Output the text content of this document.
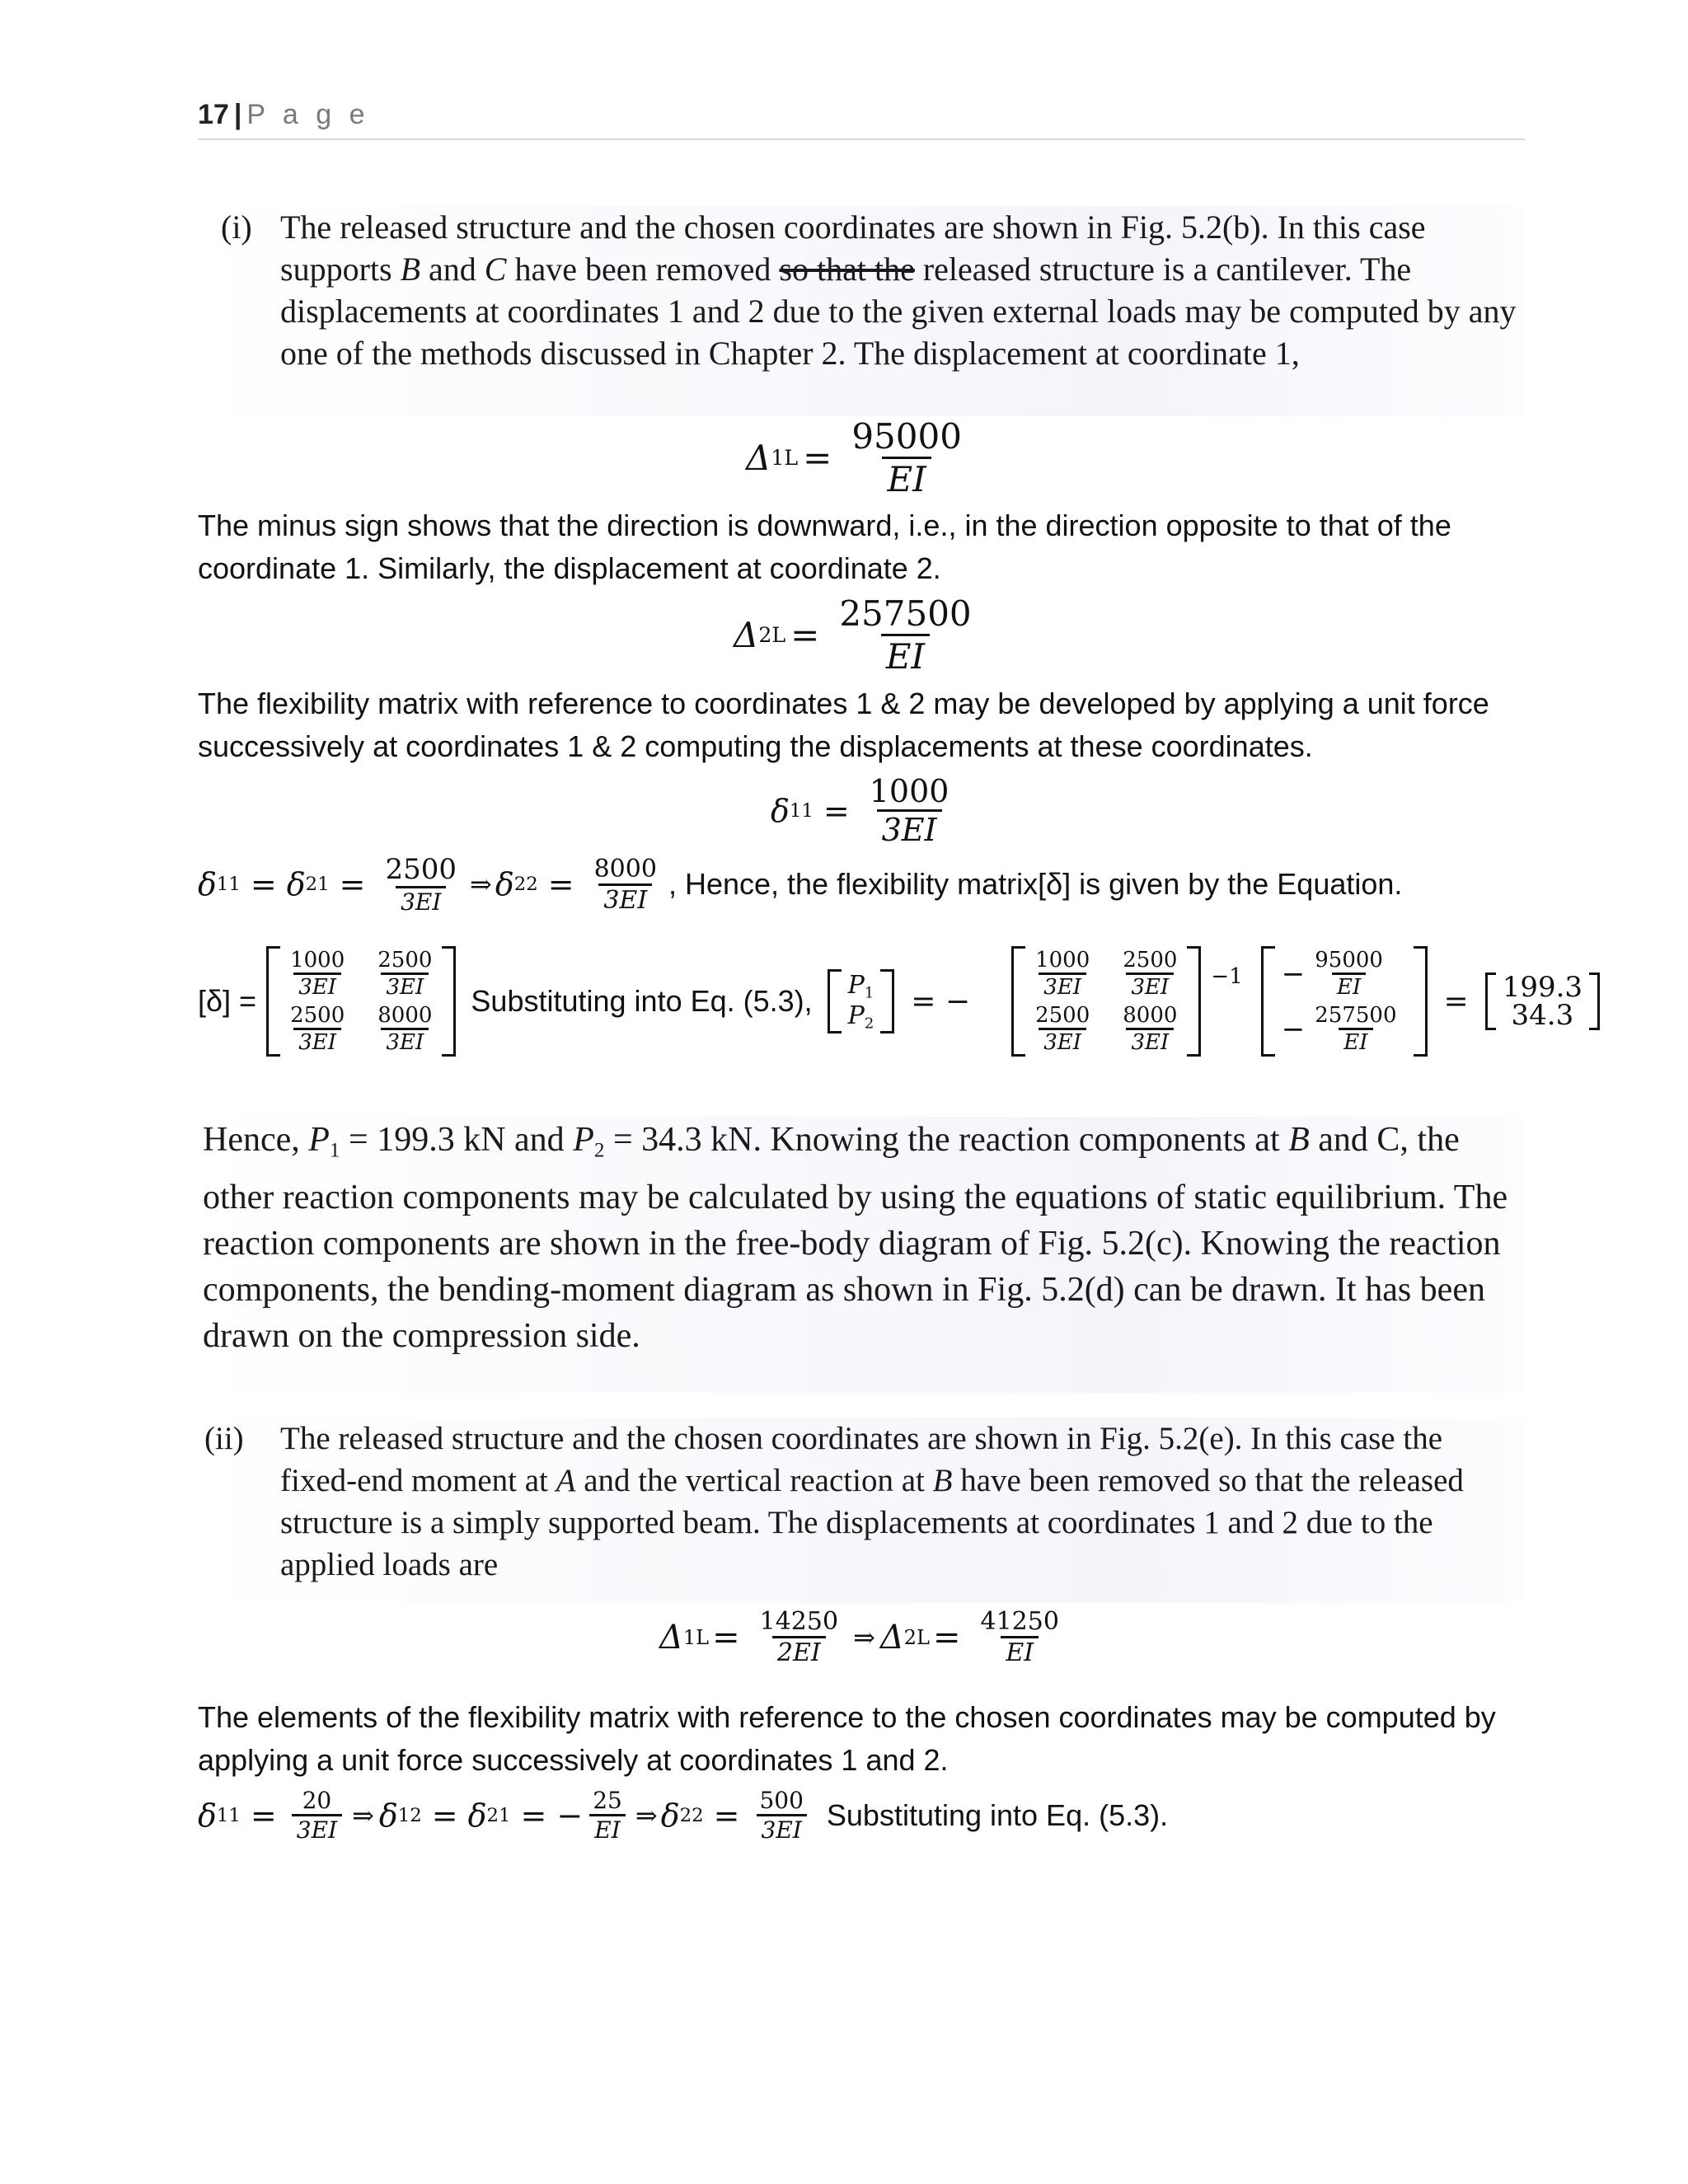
17 | P a g e
(i) The released structure and the chosen coordinates are shown in Fig. 5.2(b). In this case supports B and C have been removed so that the released structure is a cantilever. The displacements at coordinates 1 and 2 due to the given external loads may be computed by any one of the methods discussed in Chapter 2. The displacement at coordinate 1,

Δ $1L = \frac{95000}{EI}$

The minus sign shows that the direction is downward, i.e., in the direction opposite to that of the coordinate 1. Similarly, the displacement at coordinate 2.

Δ $2L = \frac{257500}{EI}$

The flexibility matrix with reference to coordinates 1 & 2 may be developed by applying a unit force successively at coordinates 1 & 2 computing the displacements at these coordinates.

δ $11 = \frac{1000}{3EI}$
δ 11 = δ $21 = \frac{2500}{3EI}$ ⇒ δ $22 = \frac{8000}{3EI}$ , Hence, the flexibility matrix[δ] is given by the Equation.
[δ] =
$\frac{1000}{3EI} \frac{2500}{3EI}$
$\frac{2500}{3EI} \frac{8000}{3EI}$
Substituting into Eq. (5.3), $P_1$
$P_2$
= −
$\frac{1000}{3EI} \frac{2500}{3EI}$
$\frac{2500}{3EI} \frac{8000}{3EI}$
$-1 - \frac{95000}{EI}$
− $\frac{257500}{EI}$
= 199.3
34.3

Hence, $P_1 = 199.3$ kN and $P_2 = 34.3$ kN. Knowing the reaction components at B and C, the other reaction components may be calculated by using the equations of static equilibrium. The reaction components are shown in the free-body diagram of Fig. 5.2(c). Knowing the reaction components, the bending-moment diagram as shown in Fig. 5.2(d) can be drawn. It has been drawn on the compression side.

(ii)	The released structure and the chosen coordinates are shown in Fig. 5.2(e). In this case the fixed-end moment at A and the vertical reaction at B have been removed so that the released structure is a simply supported beam. The displacements at coordinates 1 and 2 due to the applied loads are

Δ $1L = \frac{14250}{2EI}$ ⇒ Δ $2L = \frac{41250}{EI}$

The elements of the flexibility matrix with reference to the chosen coordinates may be computed by applying a unit force successively at coordinates 1 and 2.

δ $11 = \frac{20}{3EI}$ ⇒ δ 12 = δ 21 = − $\frac{25}{EI}$ ⇒ δ $22 = \frac{500}{3EI}$ Substituting into Eq. (5.3).
